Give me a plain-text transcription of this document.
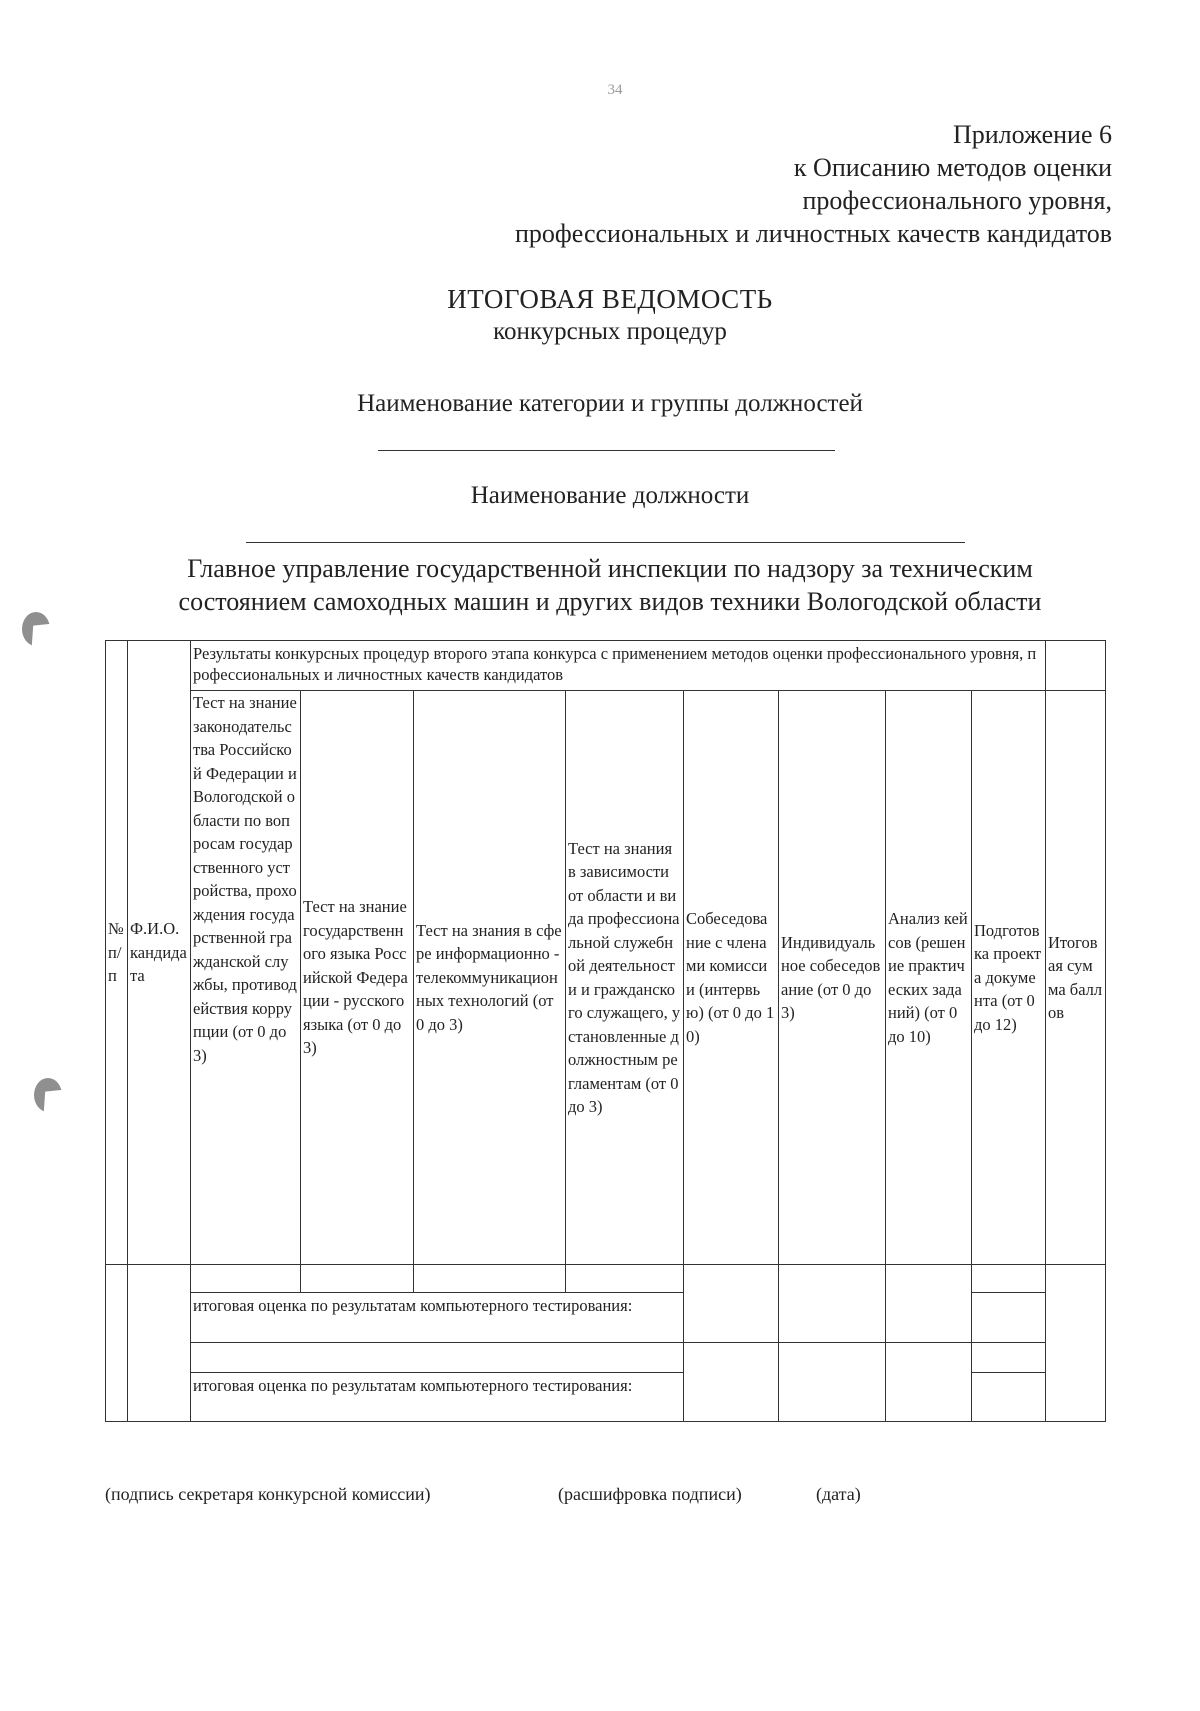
34
Приложение 6
к Описанию методов оценки
профессионального уровня,
профессиональных и личностных качеств кандидатов
ИТОГОВАЯ ВЕДОМОСТЬ
конкурсных процедур
Наименование категории и группы должностей
Наименование должности
Главное управление государственной инспекции по надзору за техническим
состоянием самоходных машин и других видов техники Вологодской области
№ п/п	Ф.И.О. кандидата	Результаты конкурсных процедур второго этапа конкурса с применением методов оценки профессионального уровня, профессиональных и личностных качеств кандидатов								
		Тест на знание законодательства Российской Федерации и Вологодской области по вопросам государственного устройства, прохождения государственной гражданской службы, противодействия коррупции (от 0 до 3)	Тест на знание государственного языка Российской Федерации - русского языка (от 0 до 3)	Тест на знания в сфере информационно - телекоммуникационных технологий (от 0 до 3)	Тест на знания в зависимости от области и вида профессиональной служебной деятельности и гражданского служащего, установленные должностным регламентам (от 0 до 3)	Собеседование с членами комиссии (интервью) (от 0 до 10)	Индивидуальное собеседование (от 0 до 3)	Анализ кейсов (решение практических заданий) (от 0 до 10)	Подготовка проекта документа (от 0 до 12)	Итоговая сумма баллов

		итоговая оценка по результатам компьютерного тестирования:								

		итоговая оценка по результатам компьютерного тестирования:								
(подпись секретаря конкурсной комиссии)	(расшифровка подписи)	(дата)
